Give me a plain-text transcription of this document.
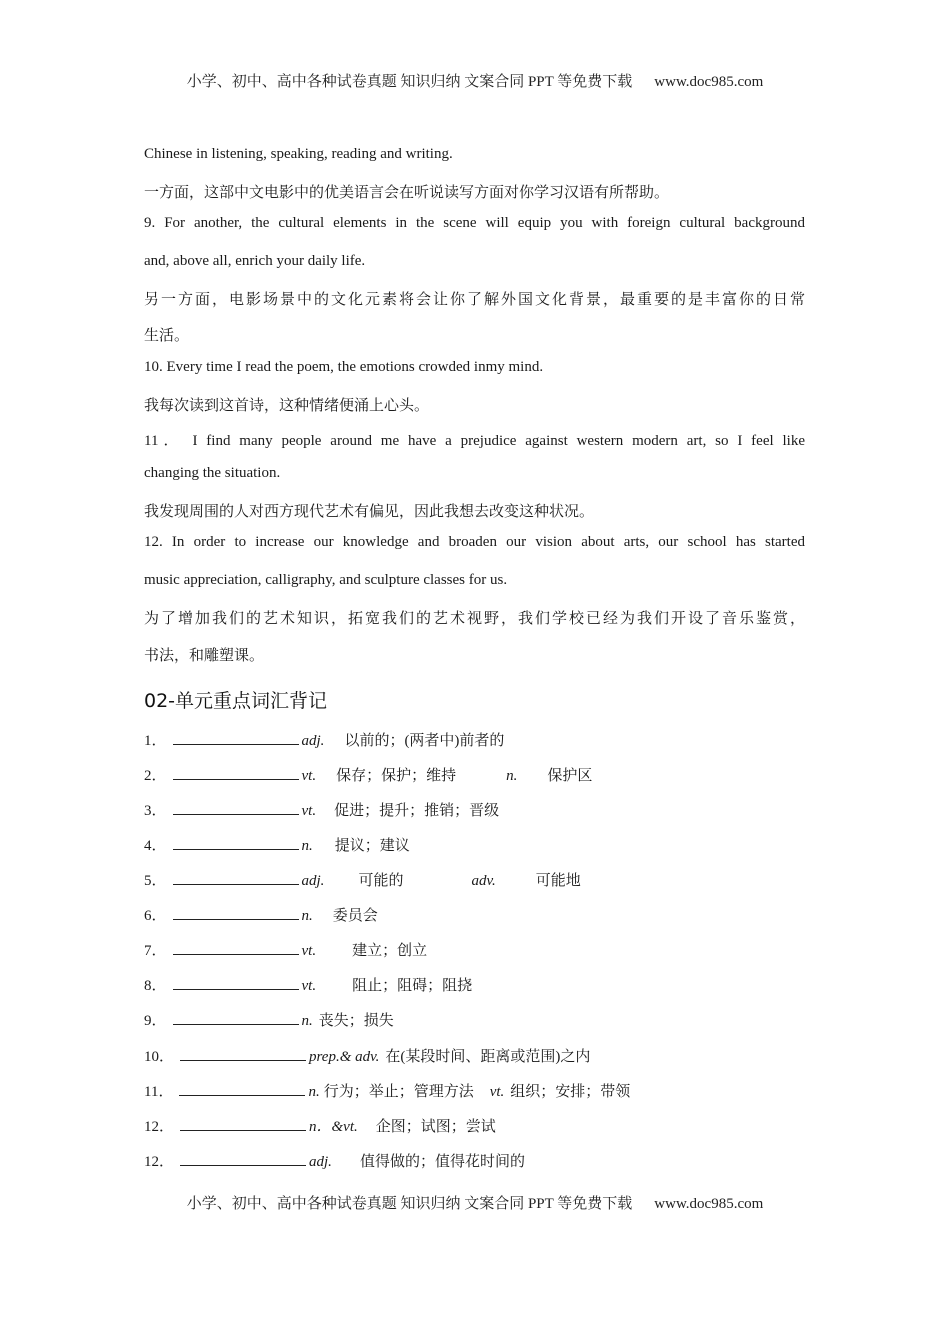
小学、初中、高中各种试卷真题 知识归纳 文案合同 PPT 等免费下载 www.doc985.com
Chinese in listening, speaking, reading and writing.
一方面，这部中文电影中的优美语言会在听说读写方面对你学习汉语有所帮助。
9. For another, the cultural elements in the scene will equip you with foreign cultural background
and, above all, enrich your daily life.
另一方面，电影场景中的文化元素将会让你了解外国文化背景，最重要的是丰富你的日常
生活。
10. Every time I read the poem, the emotions crowded inmy mind.
我每次读到这首诗，这种情绪便涌上心头。
11． I find many people around me have a prejudice against western modern art, so I feel like
changing the situation.
我发现周围的人对西方现代艺术有偏见，因此我想去改变这种状况。
12. In order to increase our knowledge and broaden our vision about arts, our school has started
music appreciation, calligraphy, and sculpture classes for us.
为了增加我们的艺术知识，拓宽我们的艺术视野，我们学校已经为我们开设了音乐鉴赏，
书法，和雕塑课。
02-单元重点词汇背记
1．	adj. 以前的；(两者中)前者的
2．	vt. 保存；保护；维持	n. 保护区
3．	vt. 促进；提升；推销；晋级
4．	n. 提议；建议
5．	adj. 可能的	adv.	可能地
6．	n. 委员会
7．	vt. 建立；创立
8．	vt. 阻止；阻碍；阻挠
9．	n. 丧失；损失
10．	prep.& adv. 在(某段时间、距离或范围)之内
11．	n. 行为；举止；管理方法 vt. 组织；安排；带领
12．	n．&vt. 企图；试图；尝试
12．	adj. 值得做的；值得花时间的
小学、初中、高中各种试卷真题 知识归纳 文案合同 PPT 等免费下载 www.doc985.com
